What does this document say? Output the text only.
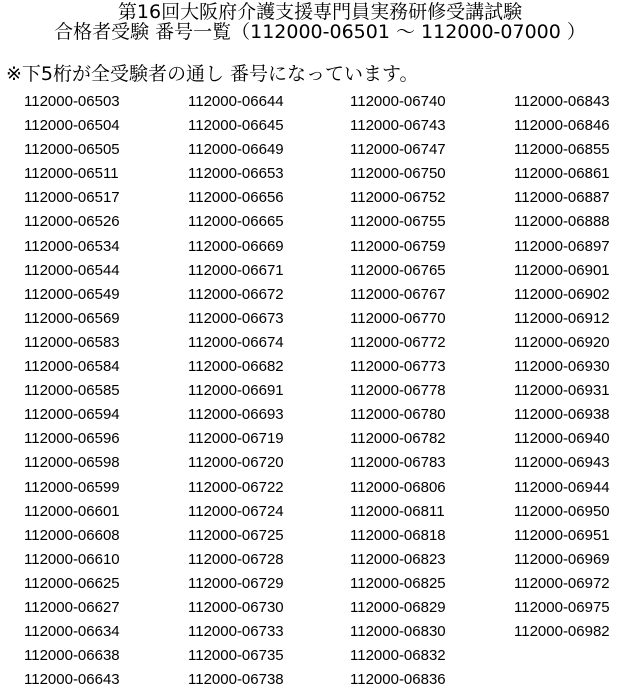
第16回大阪府介護支援専門員実務研修受講試験
合格者受験 番号一覧（112000-06501 ～ 112000-07000 ）
※下5桁が全受験者の通し 番号になっています。
112000-06503
112000-06504
112000-06505
112000-06511
112000-06517
112000-06526
112000-06534
112000-06544
112000-06549
112000-06569
112000-06583
112000-06584
112000-06585
112000-06594
112000-06596
112000-06598
112000-06599
112000-06601
112000-06608
112000-06610
112000-06625
112000-06627
112000-06634
112000-06638
112000-06643
112000-06644
112000-06645
112000-06649
112000-06653
112000-06656
112000-06665
112000-06669
112000-06671
112000-06672
112000-06673
112000-06674
112000-06682
112000-06691
112000-06693
112000-06719
112000-06720
112000-06722
112000-06724
112000-06725
112000-06728
112000-06729
112000-06730
112000-06733
112000-06735
112000-06738
112000-06740
112000-06743
112000-06747
112000-06750
112000-06752
112000-06755
112000-06759
112000-06765
112000-06767
112000-06770
112000-06772
112000-06773
112000-06778
112000-06780
112000-06782
112000-06783
112000-06806
112000-06811
112000-06818
112000-06823
112000-06825
112000-06829
112000-06830
112000-06832
112000-06836
112000-06843
112000-06846
112000-06855
112000-06861
112000-06887
112000-06888
112000-06897
112000-06901
112000-06902
112000-06912
112000-06920
112000-06930
112000-06931
112000-06938
112000-06940
112000-06943
112000-06944
112000-06950
112000-06951
112000-06969
112000-06972
112000-06975
112000-06982
